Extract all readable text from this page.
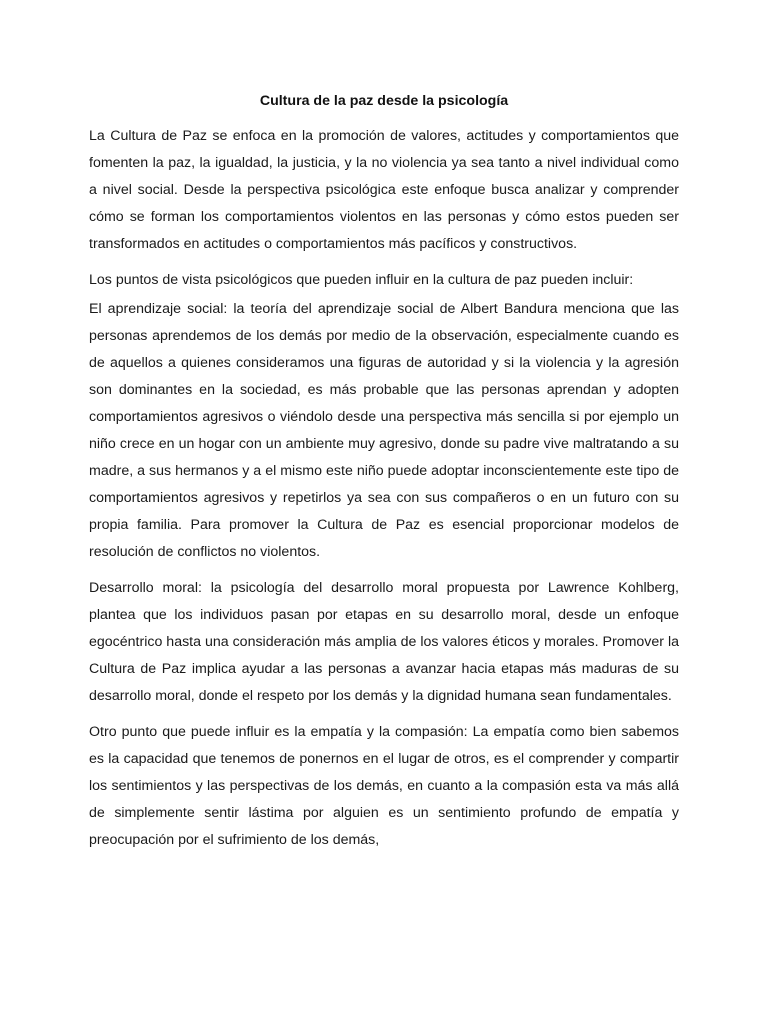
Cultura de la paz desde la psicología

La Cultura de Paz se enfoca en la promoción de valores, actitudes y comportamientos que fomenten la paz, la igualdad, la justicia, y la no violencia ya sea tanto a nivel individual como a nivel social. Desde la perspectiva psicológica este enfoque busca analizar y comprender cómo se forman los comportamientos violentos en las personas y cómo estos pueden ser transformados en actitudes o comportamientos más pacíficos y constructivos.

Los puntos de vista psicológicos que pueden influir en la cultura de paz pueden incluir:

El aprendizaje social: la teoría del aprendizaje social de Albert Bandura menciona que las personas aprendemos de los demás por medio de la observación, especialmente cuando es de aquellos a quienes consideramos una figuras de autoridad y si la violencia y la agresión son dominantes en la sociedad, es más probable que las personas aprendan y adopten comportamientos agresivos o viéndolo desde una perspectiva más sencilla si por ejemplo un niño crece en un hogar con un ambiente muy agresivo, donde su padre vive maltratando a su madre, a sus hermanos y a el mismo este niño puede adoptar inconscientemente este tipo de comportamientos agresivos y repetirlos ya sea con sus compañeros o en un futuro con su propia familia. Para promover la Cultura de Paz es esencial proporcionar modelos de resolución de conflictos no violentos.

Desarrollo moral: la psicología del desarrollo moral propuesta por Lawrence Kohlberg, plantea que los individuos pasan por etapas en su desarrollo moral, desde un enfoque egocéntrico hasta una consideración más amplia de los valores éticos y morales. Promover la Cultura de Paz implica ayudar a las personas a avanzar hacia etapas más maduras de su desarrollo moral, donde el respeto por los demás y la dignidad humana sean fundamentales.

Otro punto que puede influir es la empatía y la compasión: La empatía como bien sabemos es la capacidad que tenemos de ponernos en el lugar de otros, es el comprender y compartir los sentimientos y las perspectivas de los demás, en cuanto a la compasión esta va más allá de simplemente sentir lástima por alguien es un sentimiento profundo de empatía y preocupación por el sufrimiento de los demás,
